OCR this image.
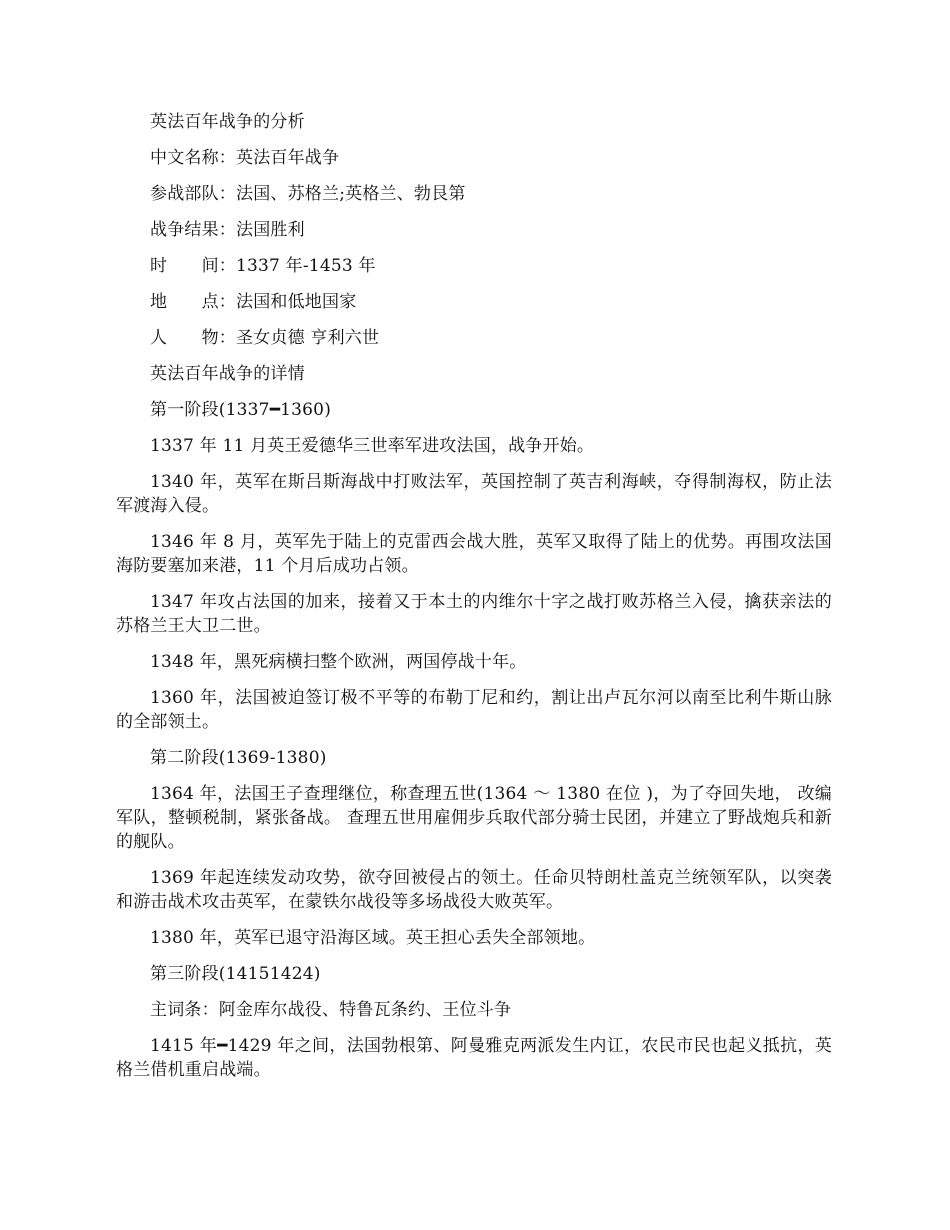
英法百年战争的分析

中文名称：英法百年战争

参战部队：法国、苏格兰;英格兰、勃艮第

战争结果：法国胜利

时　　间：1337 年-1453 年

地　　点：法国和低地国家

人　　物：圣女贞德 亨利六世

英法百年战争的详情

第一阶段(1337━1360)

1337 年 11 月英王爱德华三世率军进攻法国，战争开始。

1340 年，英军在斯吕斯海战中打败法军，英国控制了英吉利海峡，夺得制海权，防止法军渡海入侵。

1346 年 8 月，英军先于陆上的克雷西会战大胜，英军又取得了陆上的优势。再围攻法国海防要塞加来港，11 个月后成功占领。

1347 年攻占法国的加来，接着又于本土的内维尔十字之战打败苏格兰入侵，擒获亲法的苏格兰王大卫二世。

1348 年，黑死病横扫整个欧洲，两国停战十年。

1360 年，法国被迫签订极不平等的布勒丁尼和约，割让出卢瓦尔河以南至比利牛斯山脉的全部领土。

第二阶段(1369-1380)

1364 年，法国王子查理继位，称查理五世(1364 ～ 1380 在位 )，为了夺回失地， 改编军队，整顿税制，紧张备战。 查理五世用雇佣步兵取代部分骑士民团，并建立了野战炮兵和新的舰队。

1369 年起连续发动攻势，欲夺回被侵占的领土。任命贝特朗杜盖克兰统领军队，以突袭和游击战术攻击英军，在蒙铁尔战役等多场战役大败英军。

1380 年，英军已退守沿海区域。英王担心丢失全部领地。

第三阶段(14151424)

主词条：阿金库尔战役、特鲁瓦条约、王位斗争

1415 年━1429 年之间，法国勃根第、阿曼雅克两派发生内讧，农民市民也起义抵抗，英格兰借机重启战端。
